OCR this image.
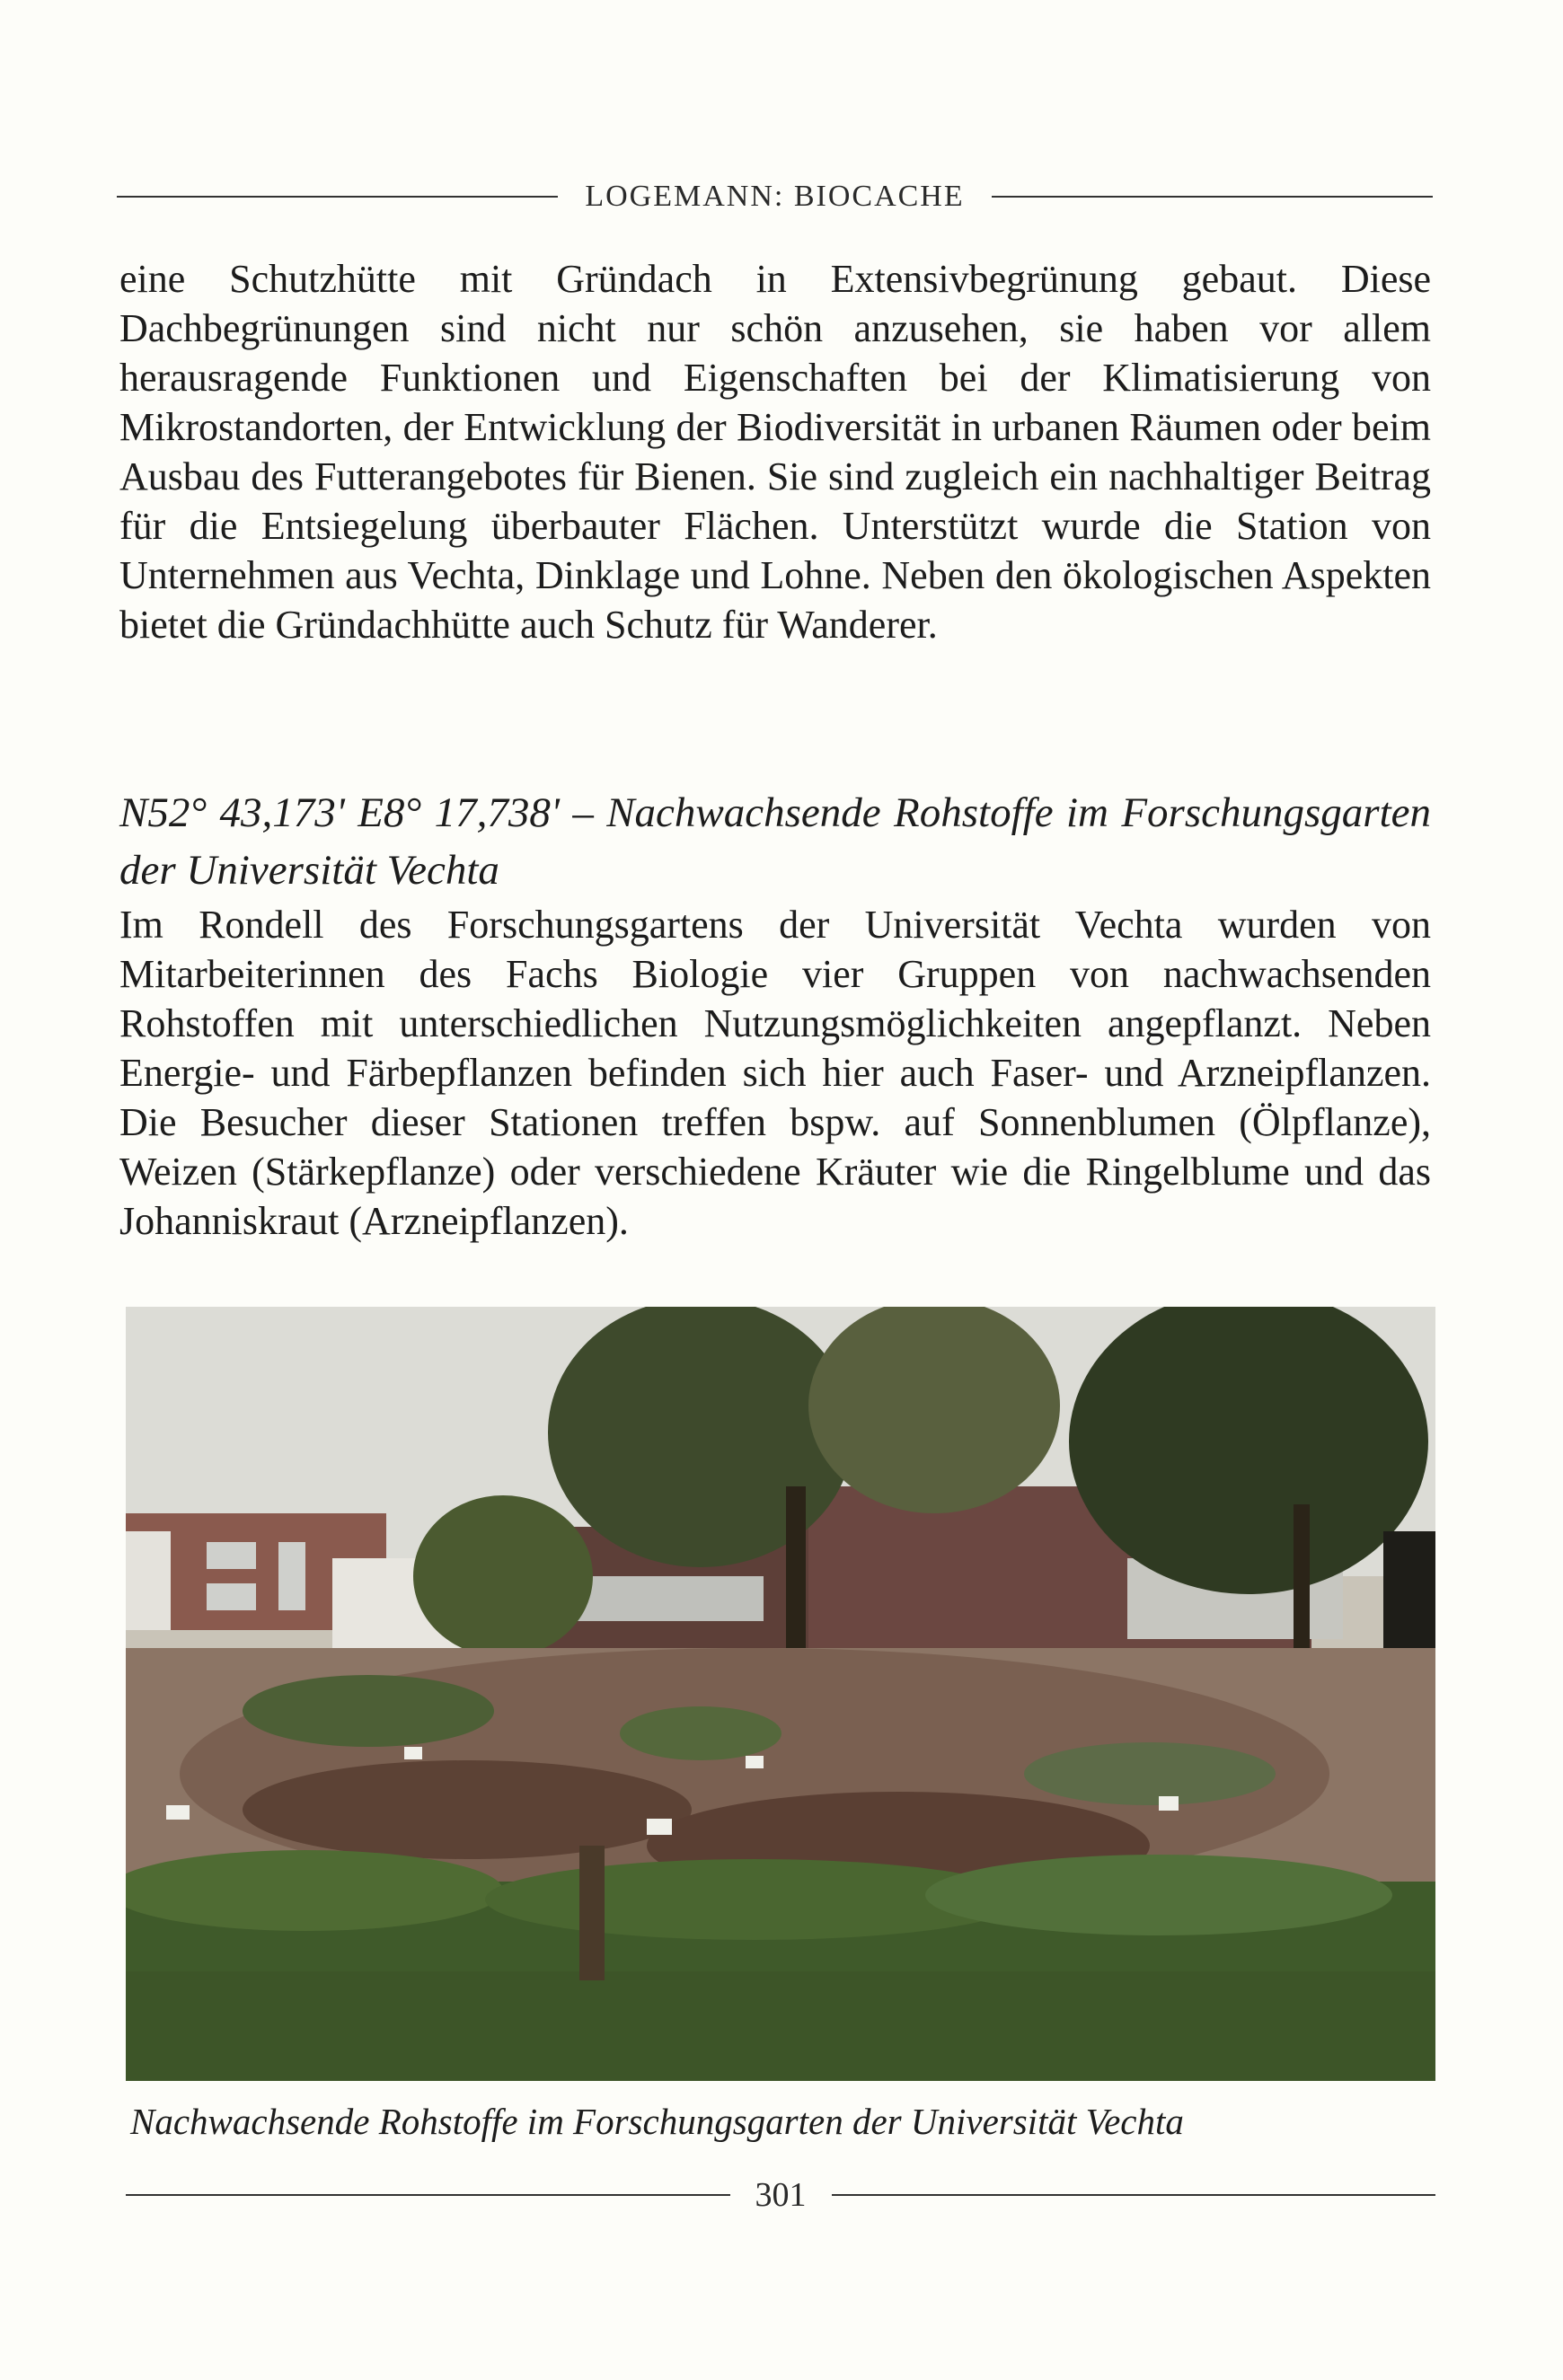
LOGEMANN: BIOCACHE

eine Schutzhütte mit Gründach in Extensivbegrünung gebaut. Diese Dachbegrünungen sind nicht nur schön anzusehen, sie haben vor allem herausragende Funktionen und Eigenschaften bei der Klimatisierung von Mikrostandorten, der Entwicklung der Biodiversität in urbanen Räumen oder beim Ausbau des Futterangebotes für Bienen. Sie sind zugleich ein nachhaltiger Beitrag für die Entsiegelung überbauter Flächen. Unterstützt wurde die Station von Unternehmen aus Vechta, Dinklage und Lohne. Neben den ökologischen Aspekten bietet die Gründachhütte auch Schutz für Wanderer.

N52° 43,173' E8° 17,738' – Nachwachsende Rohstoffe im Forschungsgarten der Universität Vechta

Im Rondell des Forschungsgartens der Universität Vechta wurden von Mitarbeiterinnen des Fachs Biologie vier Gruppen von nachwachsenden Rohstoffen mit unterschiedlichen Nutzungsmöglichkeiten angepflanzt. Neben Energie- und Färbepflanzen befinden sich hier auch Faser- und Arzneipflanzen. Die Besucher dieser Stationen treffen bspw. auf Sonnenblumen (Ölpflanze), Weizen (Stärkepflanze) oder verschiedene Kräuter wie die Ringelblume und das Johanniskraut (Arzneipflanzen).

Nachwachsende Rohstoffe im Forschungsgarten der Universität Vechta
301
